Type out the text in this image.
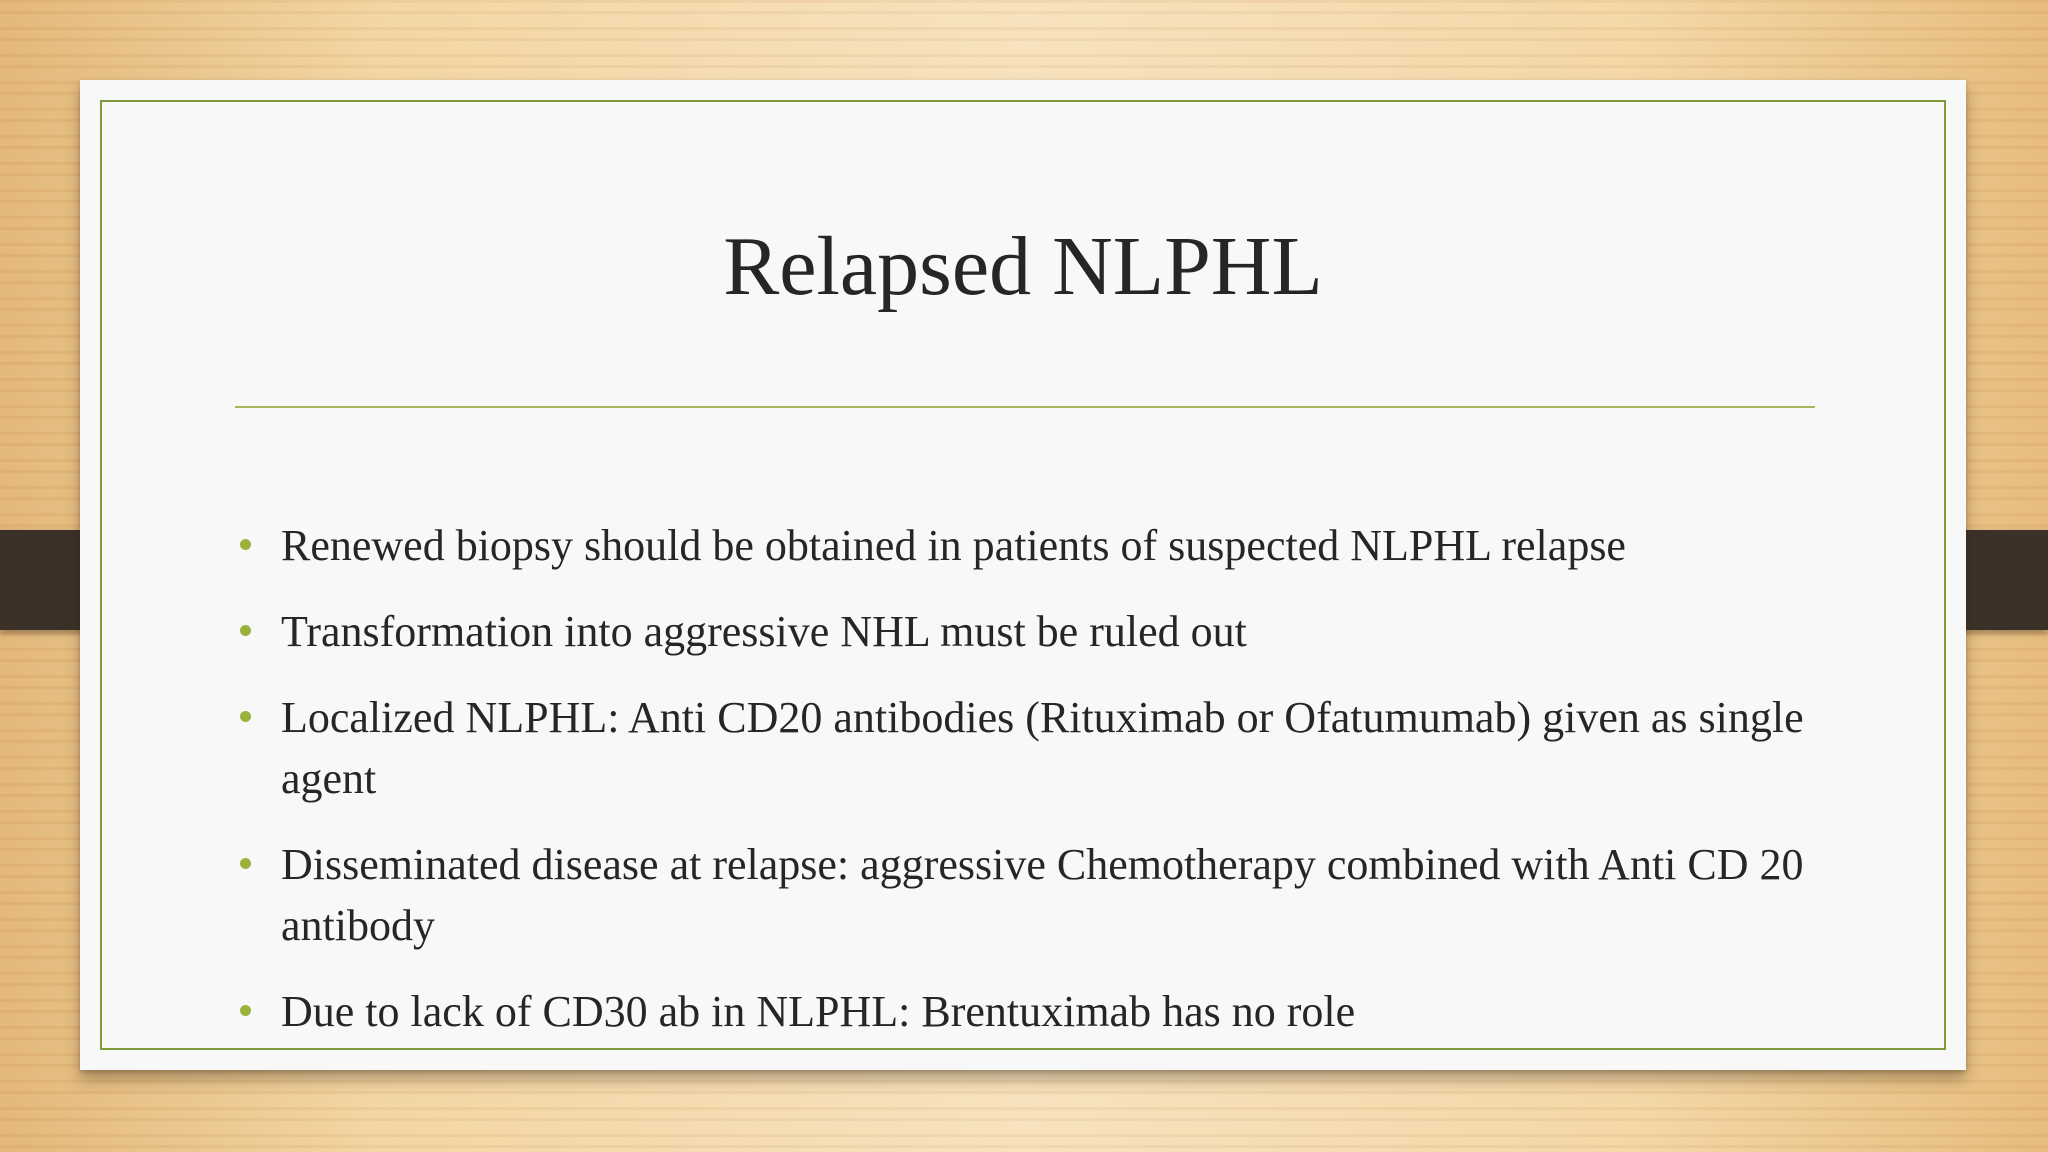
Relapsed NLPHL
Renewed biopsy should be obtained in patients of suspected NLPHL relapse
Transformation into aggressive NHL must be ruled out
Localized NLPHL: Anti CD20 antibodies (Rituximab or Ofatumumab) given as single agent
Disseminated disease at relapse: aggressive Chemotherapy combined with Anti CD 20 antibody
Due to lack of CD30 ab in NLPHL: Brentuximab has no role
